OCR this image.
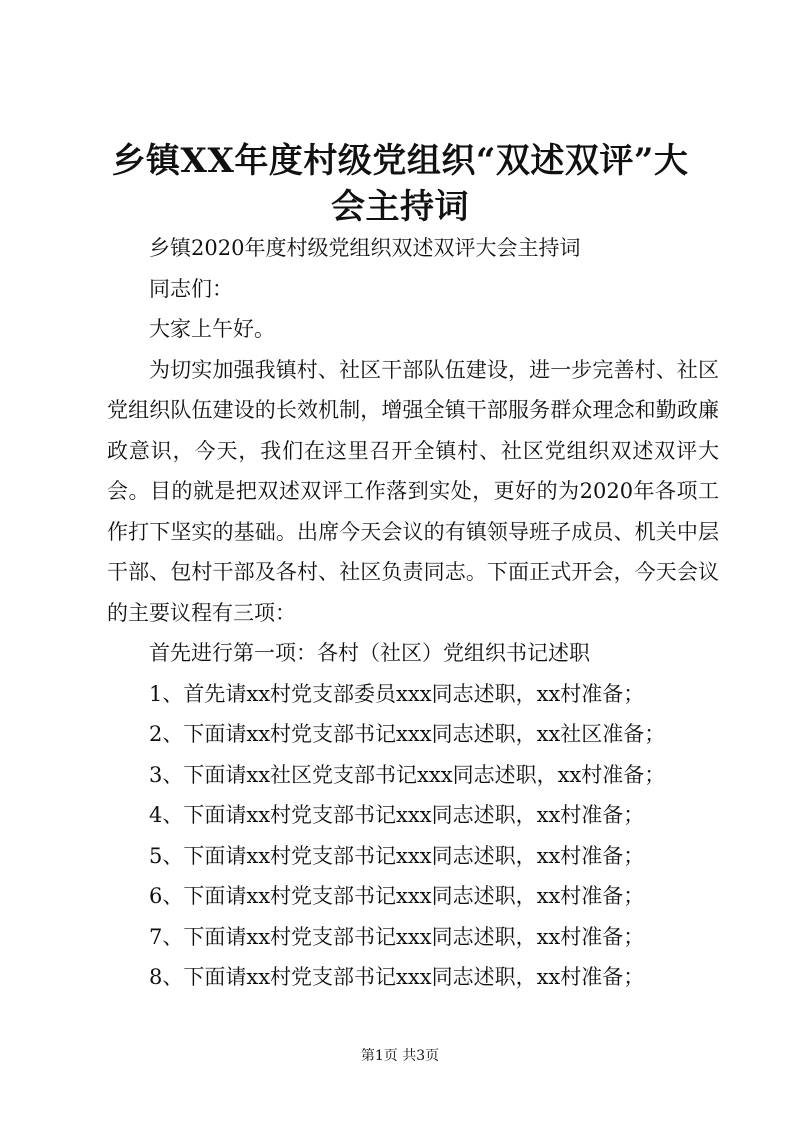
乡镇XX年度村级党组织“双述双评”大会主持词

乡镇2020年度村级党组织双述双评大会主持词

同志们：

大家上午好。

为切实加强我镇村、社区干部队伍建设，进一步完善村、社区党组织队伍建设的长效机制，增强全镇干部服务群众理念和勤政廉政意识，今天，我们在这里召开全镇村、社区党组织双述双评大会。目的就是把双述双评工作落到实处，更好的为2020年各项工作打下坚实的基础。出席今天会议的有镇领导班子成员、机关中层干部、包村干部及各村、社区负责同志。下面正式开会，今天会议的主要议程有三项：

首先进行第一项：各村（社区）党组织书记述职

1、首先请xx村党支部委员xxx同志述职，xx村准备；

2、下面请xx村党支部书记xxx同志述职，xx社区准备；

3、下面请xx社区党支部书记xxx同志述职，xx村准备；

4、下面请xx村党支部书记xxx同志述职，xx村准备；

5、下面请xx村党支部书记xxx同志述职，xx村准备；

6、下面请xx村党支部书记xxx同志述职，xx村准备；

7、下面请xx村党支部书记xxx同志述职，xx村准备；

8、下面请xx村党支部书记xxx同志述职，xx村准备；

第1页 共3页
